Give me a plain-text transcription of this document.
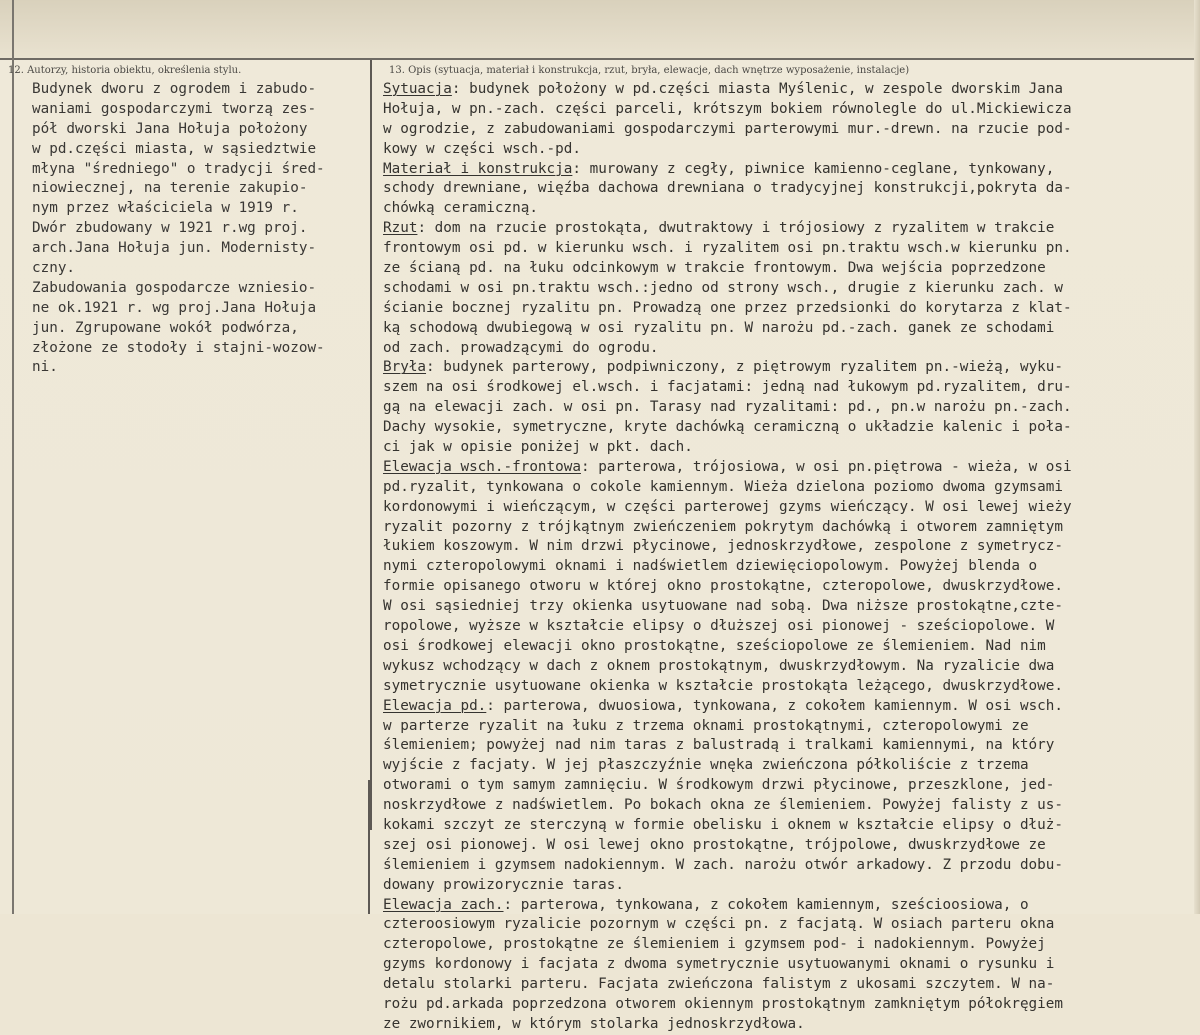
12. Autorzy, historia obiektu, określenia stylu.	13. Opis (sytuacja, materiał i konstrukcja, rzut, bryła, elewacje, dach wnętrze wyposażenie, instalacje)
Budynek dworu z ogrodem i zabudo-
waniami gospodarczymi tworzą zes-
pół dworski Jana Hołuja położony
w pd.części miasta, w sąsiedztwie
młyna "średniego" o tradycji śred-
niowiecznej, na terenie zakupio-
nym przez właściciela w 1919 r.
Dwór zbudowany w 1921 r.wg proj.
arch.Jana Hołuja jun. Modernisty-
czny.
Zabudowania gospodarcze wzniesio-
ne ok.1921 r. wg proj.Jana Hołuja
jun. Zgrupowane wokół podwórza,
złożone ze stodoły i stajni-wozow-
ni.
Sytuacja: budynek położony w pd.części miasta Myślenic, w zespole dworskim Jana
Hołuja, w pn.-zach. części parceli, krótszym bokiem równolegle do ul.Mickiewicza
w ogrodzie, z zabudowaniami gospodarczymi parterowymi mur.-drewn. na rzucie pod-
kowy w części wsch.-pd.
Materiał i konstrukcja: murowany z cegły, piwnice kamienno-ceglane, tynkowany,
schody drewniane, więźba dachowa drewniana o tradycyjnej konstrukcji,pokryta da-
chówką ceramiczną.
Rzut: dom na rzucie prostokąta, dwutraktowy i trójosiowy z ryzalitem w trakcie
frontowym osi pd. w kierunku wsch. i ryzalitem osi pn.traktu wsch.w kierunku pn.
ze ścianą pd. na łuku odcinkowym w trakcie frontowym. Dwa wejścia poprzedzone
schodami w osi pn.traktu wsch.:jedno od strony wsch., drugie z kierunku zach. w
ścianie bocznej ryzalitu pn. Prowadzą one przez przedsionki do korytarza z klat-
ką schodową dwubiegową w osi ryzalitu pn. W narożu pd.-zach. ganek ze schodami
od zach. prowadzącymi do ogrodu.
Bryła: budynek parterowy, podpiwniczony, z piętrowym ryzalitem pn.-wieżą, wyku-
szem na osi środkowej el.wsch. i facjatami: jedną nad łukowym pd.ryzalitem, dru-
gą na elewacji zach. w osi pn. Tarasy nad ryzalitami: pd., pn.w narożu pn.-zach.
Dachy wysokie, symetryczne, kryte dachówką ceramiczną o układzie kalenic i poła-
ci jak w opisie poniżej w pkt. dach.
Elewacja wsch.-frontowa: parterowa, trójosiowa, w osi pn.piętrowa - wieża, w osi
pd.ryzalit, tynkowana o cokole kamiennym. Wieża dzielona poziomo dwoma gzymsami
kordonowymi i wieńczącym, w części parterowej gzyms wieńczący. W osi lewej wieży
ryzalit pozorny z trójkątnym zwieńczeniem pokrytym dachówką i otworem zamniętym
łukiem koszowym. W nim drzwi płycinowe, jednoskrzydłowe, zespolone z symetrycz-
nymi czteropolowymi oknami i nadświetlem dziewięciopolowym. Powyżej blenda o
formie opisanego otworu w której okno prostokątne, czteropolowe, dwuskrzydłowe.
W osi sąsiedniej trzy okienka usytuowane nad sobą. Dwa niższe prostokątne,czte-
ropolowe, wyższe w kształcie elipsy o dłuższej osi pionowej - sześciopolowe. W
osi środkowej elewacji okno prostokątne, sześciopolowe ze ślemieniem. Nad nim
wykusz wchodzący w dach z oknem prostokątnym, dwuskrzydłowym. Na ryzalicie dwa
symetrycznie usytuowane okienka w kształcie prostokąta leżącego, dwuskrzydłowe.
Elewacja pd.: parterowa, dwuosiowa, tynkowana, z cokołem kamiennym. W osi wsch.
w parterze ryzalit na łuku z trzema oknami prostokątnymi, czteropolowymi ze
ślemieniem; powyżej nad nim taras z balustradą i tralkami kamiennymi, na który
wyjście z facjaty. W jej płaszczyźnie wnęka zwieńczona półkoliście z trzema
otworami o tym samym zamnięciu. W środkowym drzwi płycinowe, przeszklone, jed-
noskrzydłowe z nadświetlem. Po bokach okna ze ślemieniem. Powyżej falisty z us-
kokami szczyt ze sterczyną w formie obelisku i oknem w kształcie elipsy o dłuż-
szej osi pionowej. W osi lewej okno prostokątne, trójpolowe, dwuskrzydłowe ze
ślemieniem i gzymsem nadokiennym. W zach. narożu otwór arkadowy. Z przodu dobu-
dowany prowizorycznie taras.
Elewacja zach.: parterowa, tynkowana, z cokołem kamiennym, sześcioosiowa, o
czteroosiowym ryzalicie pozornym w części pn. z facjatą. W osiach parteru okna
czteropolowe, prostokątne ze ślemieniem i gzymsem pod- i nadokiennym. Powyżej
gzyms kordonowy i facjata z dwoma symetrycznie usytuowanymi oknami o rysunku i
detalu stolarki parteru. Facjata zwieńczona falistym z ukosami szczytem. W na-
rożu pd.arkada poprzedzona otworem okiennym prostokątnym zamkniętym półokręgiem
ze zwornikiem, w którym stolarka jednoskrzydłowa.
